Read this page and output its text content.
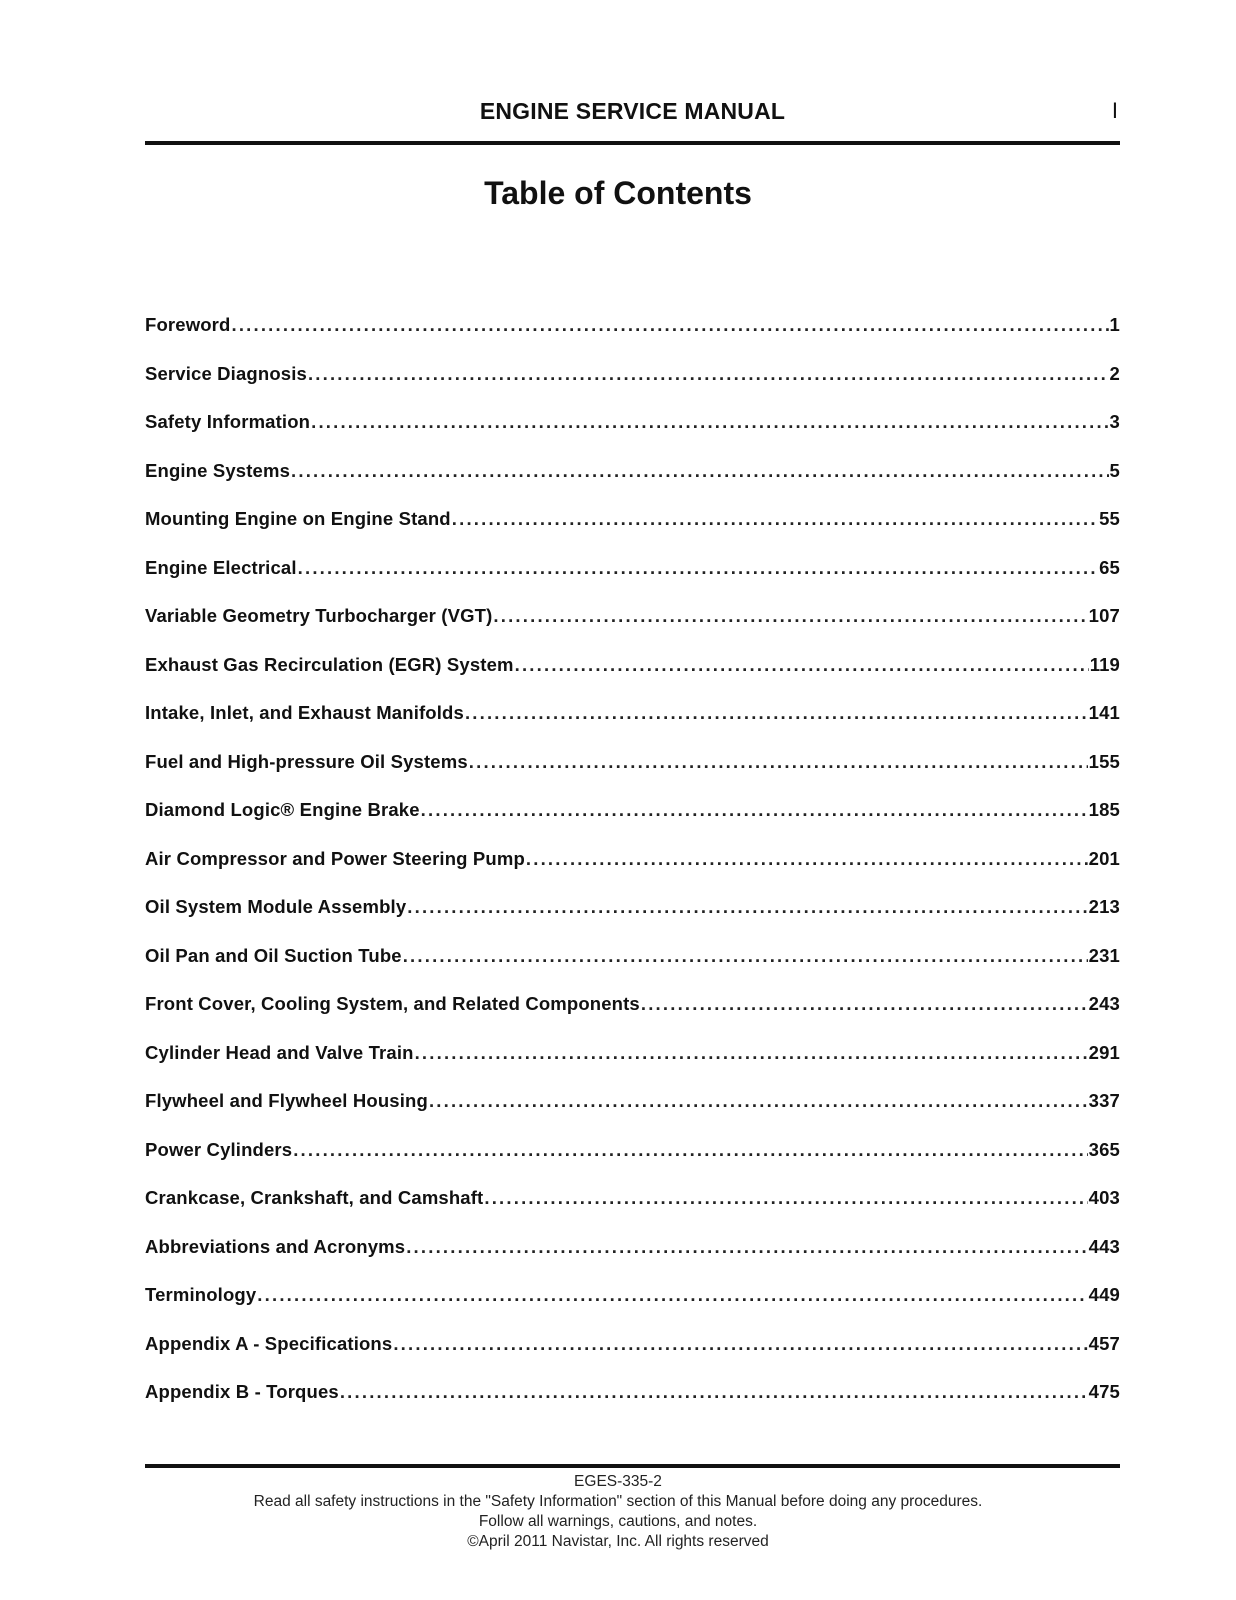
ENGINE SERVICE MANUAL	I
Table of Contents
Foreword .....	1
Service Diagnosis .....	2
Safety Information .....	3
Engine Systems .....	5
Mounting Engine on Engine Stand .....	55
Engine Electrical .....	65
Variable Geometry Turbocharger (VGT) .....	107
Exhaust Gas Recirculation (EGR) System .....	119
Intake, Inlet, and Exhaust Manifolds .....	141
Fuel and High-pressure Oil Systems .....	155
Diamond Logic® Engine Brake .....	185
Air Compressor and Power Steering Pump .....	201
Oil System Module Assembly .....	213
Oil Pan and Oil Suction Tube .....	231
Front Cover, Cooling System, and Related Components .....	243
Cylinder Head and Valve Train .....	291
Flywheel and Flywheel Housing .....	337
Power Cylinders .....	365
Crankcase, Crankshaft, and Camshaft .....	403
Abbreviations and Acronyms .....	443
Terminology .....	449
Appendix A - Specifications .....	457
Appendix B - Torques .....	475
EGES-335-2
Read all safety instructions in the "Safety Information" section of this Manual before doing any procedures.
Follow all warnings, cautions, and notes.
©April 2011 Navistar, Inc. All rights reserved
